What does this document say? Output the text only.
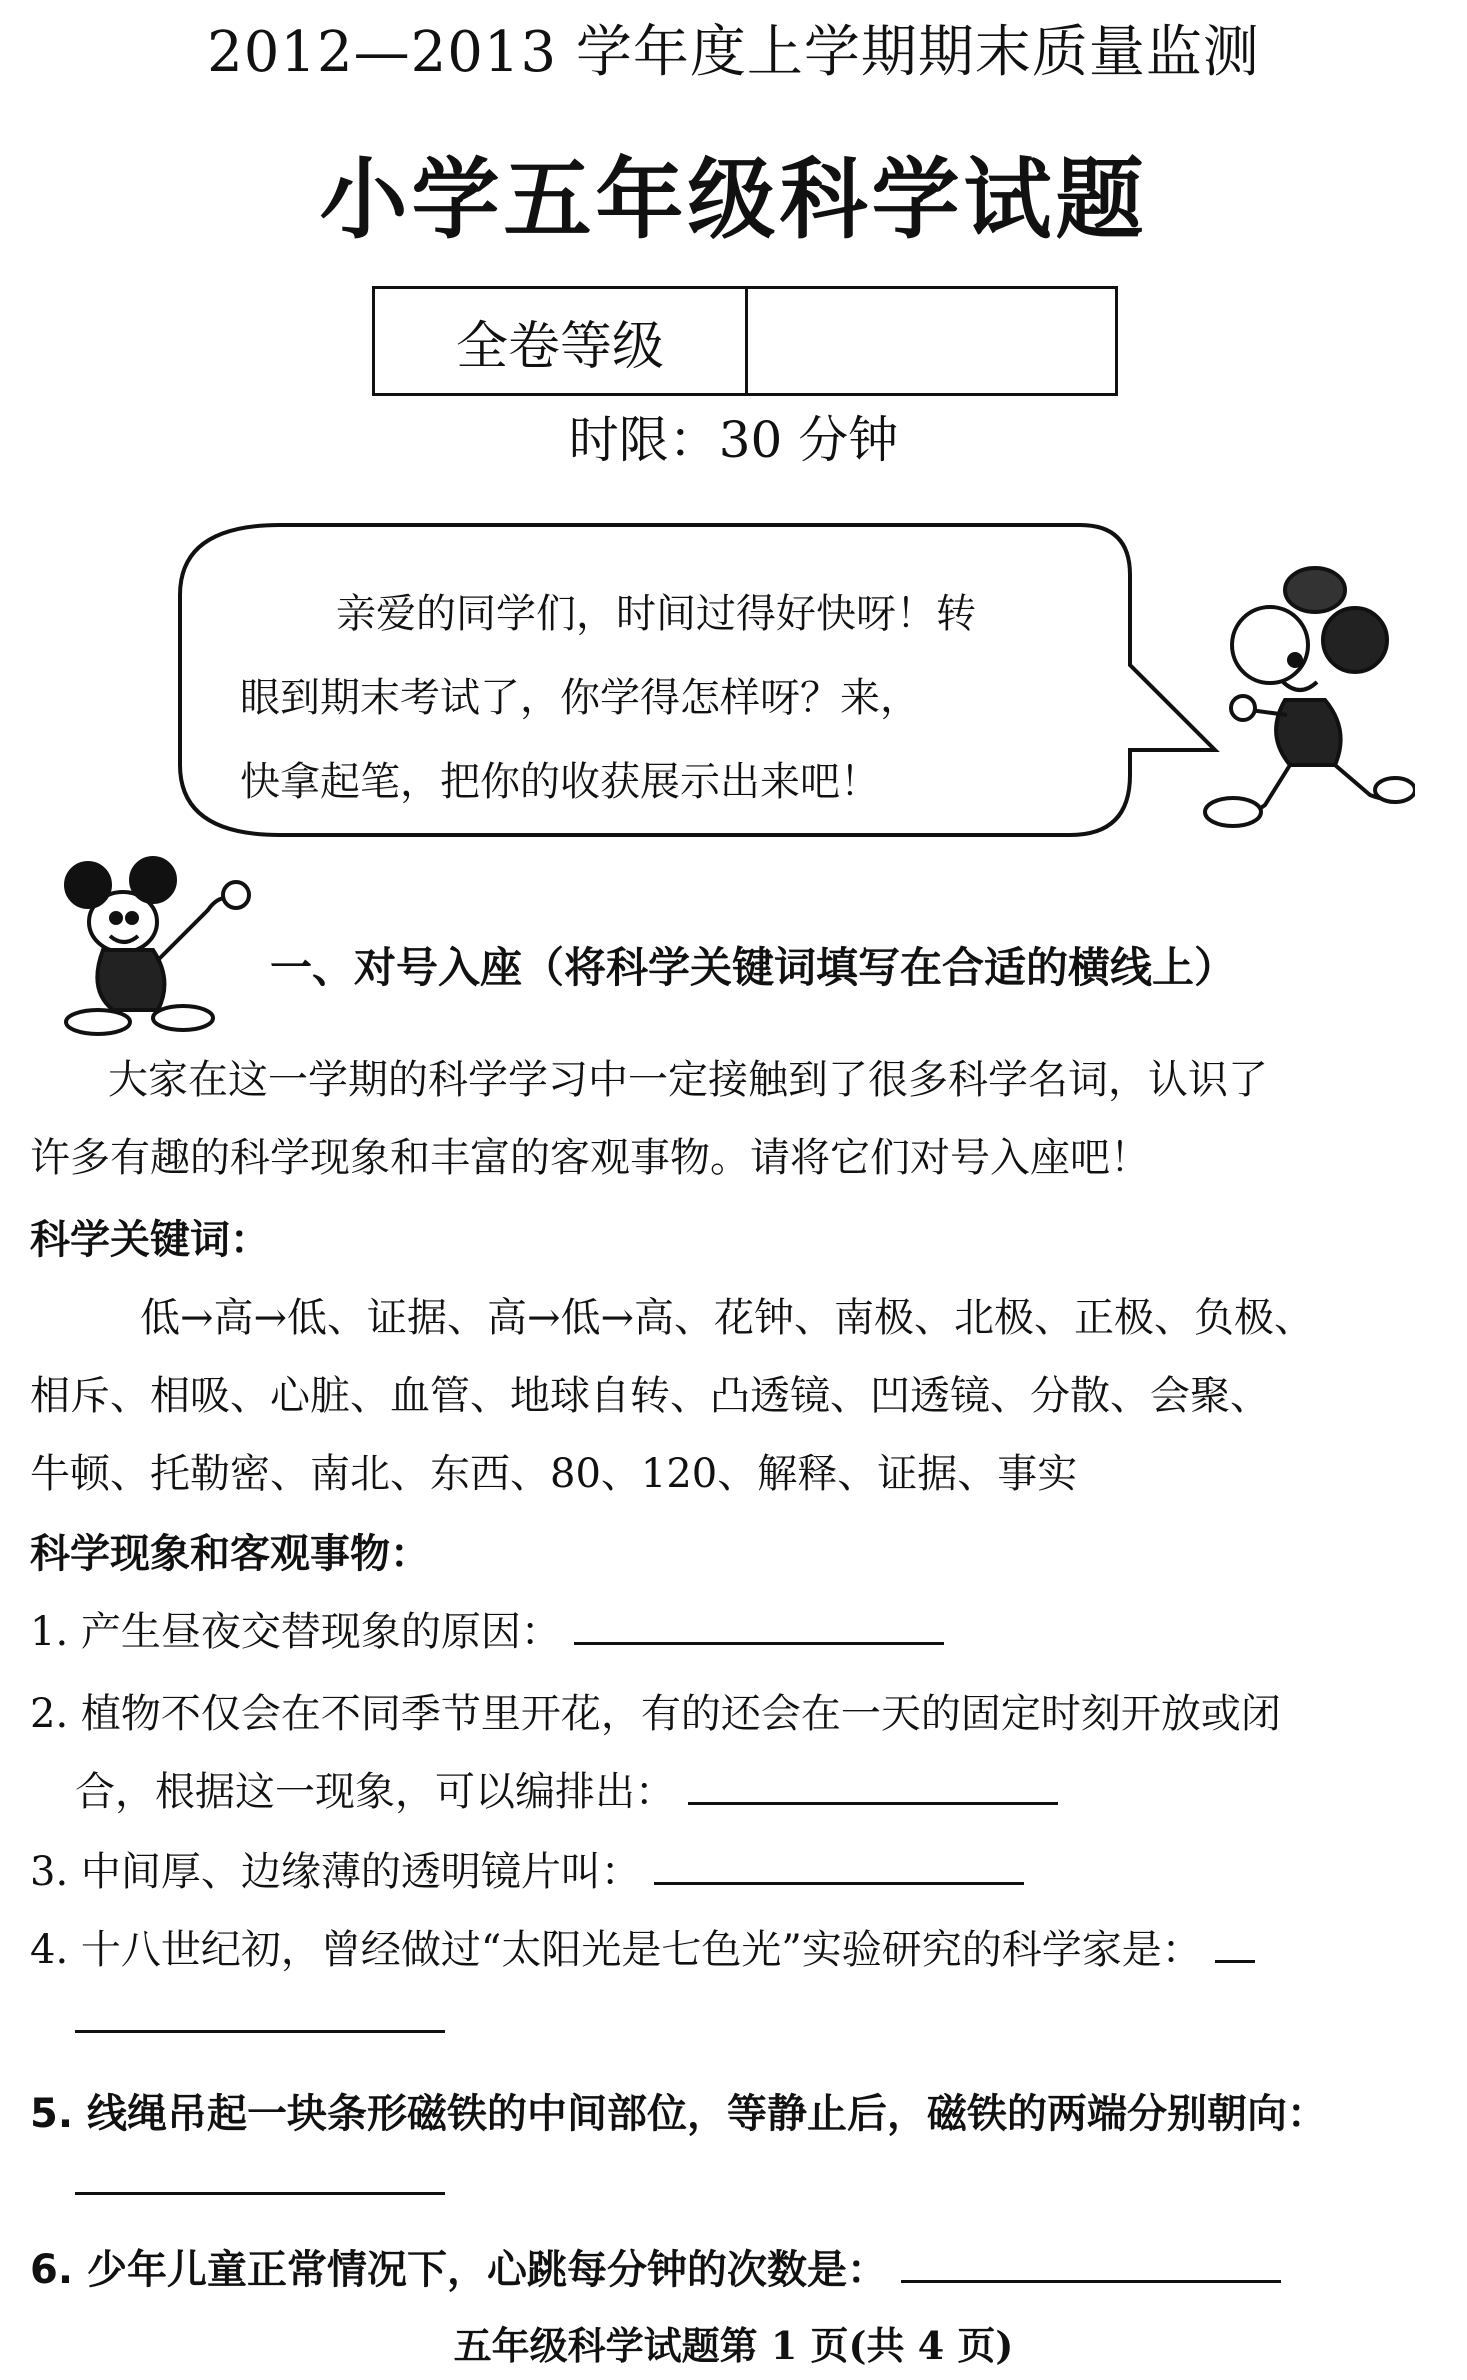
2012—2013 学年度上学期期末质量监测
小学五年级科学试题
全卷等级
时限：30 分钟
亲爱的同学们，时间过得好快呀！转
眼到期末考试了，你学得怎样呀？来，
快拿起笔，把你的收获展示出来吧！
一、对号入座（将科学关键词填写在合适的横线上）
大家在这一学期的科学学习中一定接触到了很多科学名词，认识了
许多有趣的科学现象和丰富的客观事物。请将它们对号入座吧！
科学关键词：
低→高→低、证据、高→低→高、花钟、南极、北极、正极、负极、
相斥、相吸、心脏、血管、地球自转、凸透镜、凹透镜、分散、会聚、
牛顿、托勒密、南北、东西、80、120、解释、证据、事实
科学现象和客观事物：
1. 产生昼夜交替现象的原因：
2. 植物不仅会在不同季节里开花，有的还会在一天的固定时刻开放或闭
合，根据这一现象，可以编排出：
3. 中间厚、边缘薄的透明镜片叫：
4. 十八世纪初，曾经做过“太阳光是七色光”实验研究的科学家是：
5. 线绳吊起一块条形磁铁的中间部位，等静止后，磁铁的两端分别朝向：
6. 少年儿童正常情况下，心跳每分钟的次数是：
五年级科学试题第 1 页(共 4 页)
